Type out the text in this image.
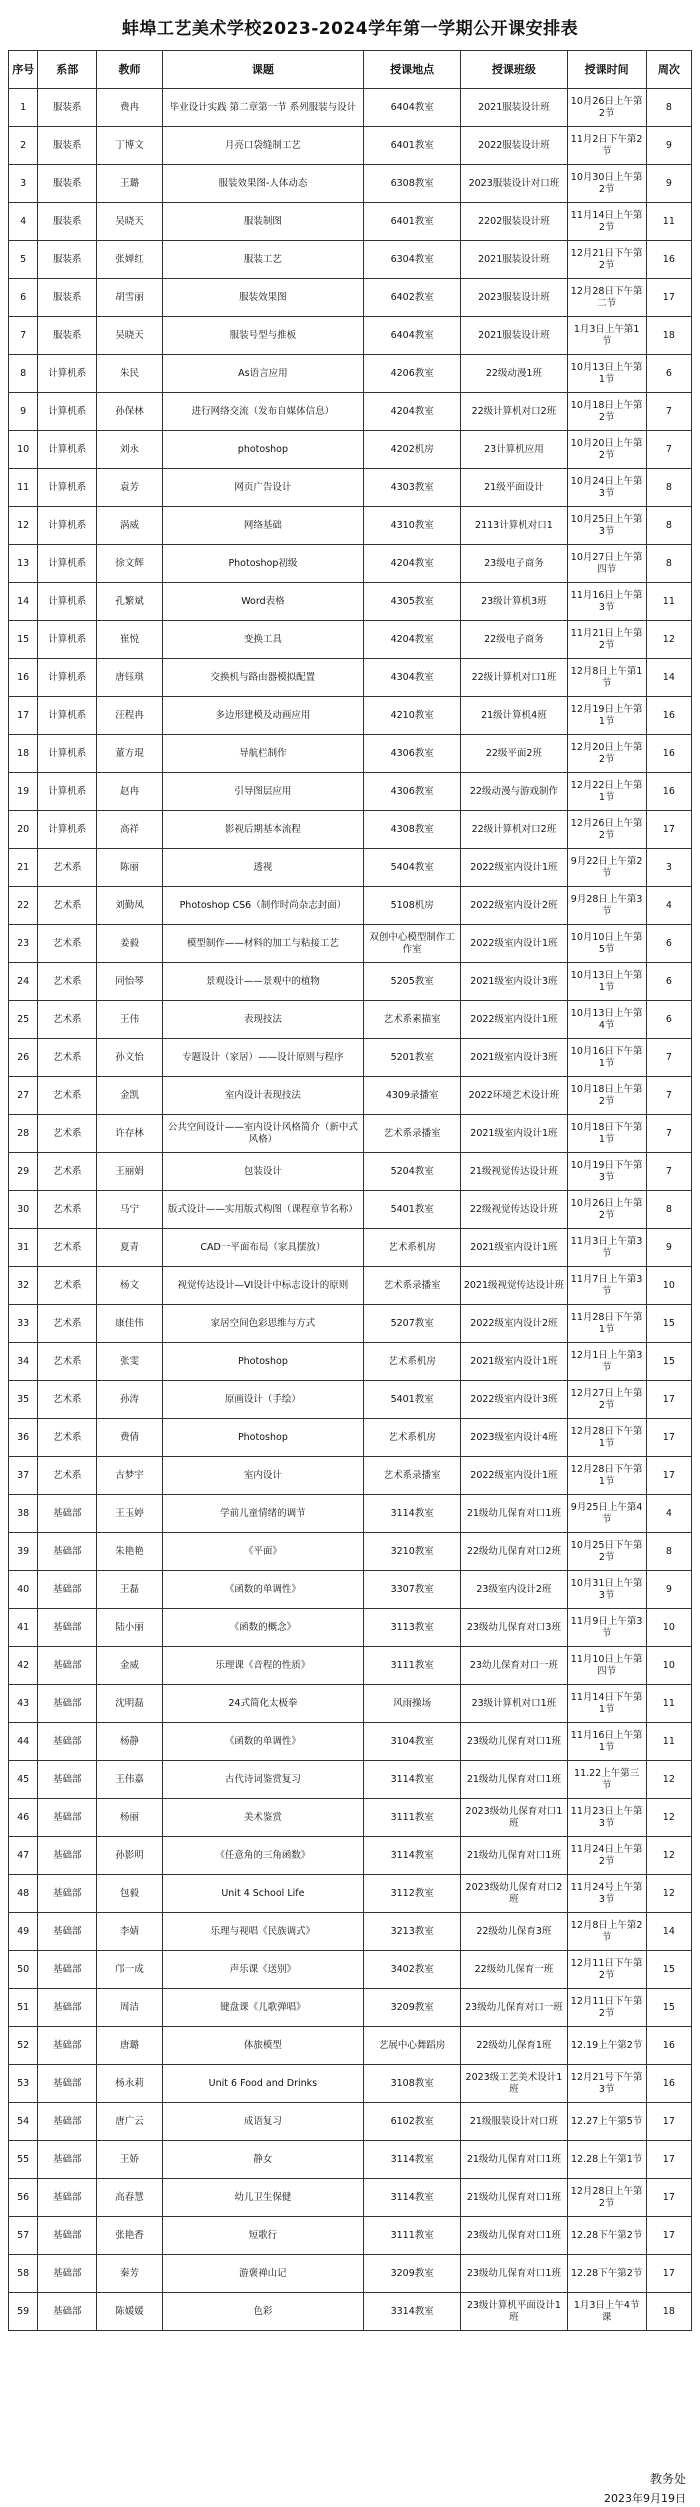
蚌埠工艺美术学校2023-2024学年第一学期公开课安排表
序号	系部	教师	课题	授课地点	授课班级	授课时间	周次
1	服装系	费冉	毕业设计实践 第二章第一节 系列服装与设计	6404教室	2021服装设计班	10月26日上午第2节	8
2	服装系	丁博文	月亮口袋缝制工艺	6401教室	2022服装设计班	11月2日下午第2节	9
3	服装系	王璐	服装效果图-人体动态	6308教室	2023服装设计对口班	10月30日上午第2节	9
4	服装系	吴晓天	服装制图	6401教室	2202服装设计班	11月14日上午第2节	11
5	服装系	张婵红	服装工艺	6304教室	2021服装设计班	12月21日下午第2节	16
6	服装系	胡雪丽	服装效果图	6402教室	2023服装设计班	12月28日下午第二节	17
7	服装系	吴晓天	服装号型与推板	6404教室	2021服装设计班	1月3日上午第1节	18
8	计算机系	朱民	As语言应用	4206教室	22级动漫1班	10月13日上午第1节	6
9	计算机系	孙保林	进行网络交流（发布自媒体信息）	4204教室	22级计算机对口2班	10月18日上午第2节	7
10	计算机系	刘永	photoshop	4202机房	23计算机应用	10月20日上午第2节	7
11	计算机系	袁芳	网页广告设计	4303教室	21级平面设计	10月24日上午第3节	8
12	计算机系	涡威	网络基础	4310教室	2113计算机对口1	10月25日上午第3节	8
13	计算机系	徐文辉	Photoshop初级	4204教室	23级电子商务	10月27日上午第四节	8
14	计算机系	孔繁斌	Word表格	4305教室	23级计算机3班	11月16日上午第3节	11
15	计算机系	崔悦	变换工具	4204教室	22级电子商务	11月21日上午第2节	12
16	计算机系	唐钰琪	交换机与路由器模拟配置	4304教室	22级计算机对口1班	12月8日上午第1节	14
17	计算机系	汪程冉	多边形建模及动画应用	4210教室	21级计算机4班	12月19日上午第1节	16
18	计算机系	董方琨	导航栏制作	4306教室	22级平面2班	12月20日上午第2节	16
19	计算机系	赵冉	引导图层应用	4306教室	22级动漫与游戏制作	12月22日上午第1节	16
20	计算机系	高祥	影视后期基本流程	4308教室	22级计算机对口2班	12月26日上午第2节	17
21	艺术系	陈丽	透视	5404教室	2022级室内设计1班	9月22日上午第2节	3
22	艺术系	刘勤凤	Photoshop CS6（制作时尚杂志封面）	5108机房	2022级室内设计2班	9月28日上午第3节	4
23	艺术系	姜毅	模型制作——材料的加工与粘接工艺	双创中心模型制作工作室	2022级室内设计1班	10月10日上午第5节	6
24	艺术系	同怡琴	景观设计——景观中的植物	5205教室	2021级室内设计3班	10月13日上午第1节	6
25	艺术系	王伟	表现技法	艺术系素描室	2022级室内设计1班	10月13日上午第4节	6
26	艺术系	孙文怡	专题设计（家居）——设计原则与程序	5201教室	2021级室内设计3班	10月16日下午第1节	7
27	艺术系	金凯	室内设计表现技法	4309录播室	2022环境艺术设计班	10月18日上午第2节	7
28	艺术系	许存林	公共空间设计——室内设计风格简介（新中式风格）	艺术系录播室	2021级室内设计1班	10月18日下午第1节	7
29	艺术系	王丽娟	包装设计	5204教室	21级视觉传达设计班	10月19日下午第3节	7
30	艺术系	马宁	版式设计——实用版式构图（课程章节名称）	5401教室	22级视觉传达设计班	10月26日上午第2节	8
31	艺术系	夏青	CAD一平面布局（家具摆放）	艺术系机房	2021级室内设计1班	11月3日上午第3节	9
32	艺术系	杨文	视觉传达设计—VI设计中标志设计的原则	艺术系录播室	2021级视觉传达设计班	11月7日上午第3节	10
33	艺术系	康佳伟	家居空间色彩思维与方式	5207教室	2022级室内设计2班	11月28日下午第1节	15
34	艺术系	张雯	Photoshop	艺术系机房	2021级室内设计1班	12月1日上午第3节	15
35	艺术系	孙涛	原画设计（手绘）	5401教室	2022级室内设计3班	12月27日上午第2节	17
36	艺术系	费倩	Photoshop	艺术系机房	2023级室内设计4班	12月28日下午第1节	17
37	艺术系	古梦宇	室内设计	艺术系录播室	2022级室内设计1班	12月28日下午第1节	17
38	基础部	王玉婷	学前儿童情绪的调节	3114教室	21级幼儿保育对口1班	9月25日上午第4节	4
39	基础部	朱艳艳	《平面》	3210教室	22级幼儿保育对口2班	10月25日下午第2节	8
40	基础部	王磊	《函数的单调性》	3307教室	23级室内设计2班	10月31日上午第3节	9
41	基础部	陆小丽	《函数的概念》	3113教室	23级幼儿保育对口3班	11月9日上午第3节	10
42	基础部	金威	乐理课《音程的性质》	3111教室	23幼儿保育对口一班	11月10日上午第四节	10
43	基础部	沈明磊	24式简化太极拳	风雨操场	23级计算机对口1班	11月14日下午第1节	11
44	基础部	杨静	《函数的单调性》	3104教室	23级幼儿保育对口1班	11月16日上午第1节	11
45	基础部	王伟嘉	古代诗词鉴赏复习	3114教室	21级幼儿保育对口1班	11.22上午第三节	12
46	基础部	杨丽	美术鉴赏	3111教室	2023级幼儿保育对口1班	11月23日上午第3节	12
47	基础部	孙影明	《任意角的三角函数》	3114教室	21级幼儿保育对口1班	11月24日上午第2节	12
48	基础部	包毅	Unit 4 School Life	3112教室	2023级幼儿保育对口2班	11月24号上午第3节	12
49	基础部	李婧	乐理与视唱《民族调式》	3213教室	22级幼儿保育3班	12月8日上午第2节	14
50	基础部	邝一成	声乐课《送别》	3402教室	22级幼儿保育一班	12月11日下午第2节	15
51	基础部	周洁	键盘课《儿歌弹唱》	3209教室	23级幼儿保育对口一班	12月11日下午第2节	15
52	基础部	唐璐	体旅模型	艺展中心舞蹈房	22级幼儿保育1班	12.19上午第2节	16
53	基础部	杨永莉	Unit 6 Food and Drinks	3108教室	2023级工艺美术设计1班	12月21号下午第3节	16
54	基础部	唐广云	成语复习	6102教室	21级服装设计对口班	12.27上午第5节	17
55	基础部	王娇	静女	3114教室	21级幼儿保育对口1班	12.28上午第1节	17
56	基础部	高春慧	幼儿卫生保健	3114教室	21级幼儿保育对口1班	12月28日上午第2节	17
57	基础部	张艳香	短歌行	3111教室	23级幼儿保育对口1班	12.28下午第2节	17
58	基础部	秦芳	游褒禅山记	3209教室	23级幼儿保育对口1班	12.28下午第2节	17
59	基础部	陈媛媛	色彩	3314教室	23级计算机平面设计1班	1月3日上午4节课	18
教务处
2023年9月19日
